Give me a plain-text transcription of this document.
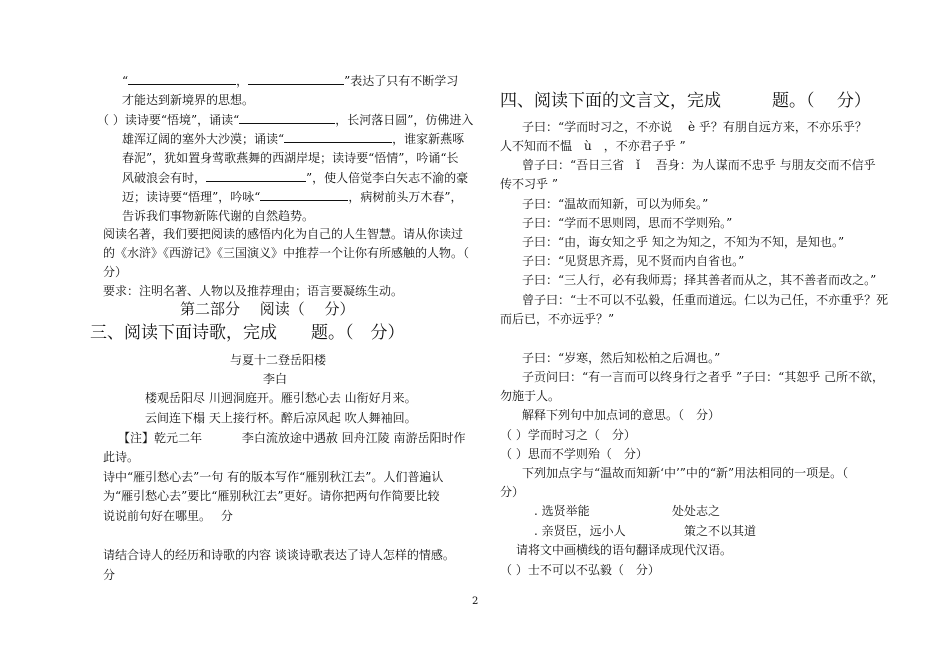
“	，	”表达了只有不断学习
才能达到新境界的思想。
（ ）读诗要“悟境”，诵读“	，长河落日圆”，仿佛进入
雄浑辽阔的塞外大沙漠；诵读“	，谁家新燕啄
春泥”，犹如置身莺歌燕舞的西湖岸堤；读诗要“悟情”，吟诵“长
风破浪会有时，	”，使人倍觉李白矢志不渝的豪
迈；读诗要“悟理”，吟咏“	，病树前头万木春”，
告诉我们事物新陈代谢的自然趋势。
阅读名著，我们要把阅读的感悟内化为自己的人生智慧。请从你读过
的《水浒》《西游记》《三国演义》中推荐一个让你有所感触的人物。（
分）
要求：注明名著、人物以及推荐理由；语言要凝练生动。
第二部分　 阅读（　 分）
三、阅读下面诗歌，完成　　题。（　分）
与夏十二登岳阳楼
李白
楼观岳阳尽 川迥洞庭开。雁引愁心去 山衔好月来。
云间连下榻 天上接行杯。醉后凉风起 吹人舞袖回。
【注】乾元二年　　　 李白流放途中遇赦 回舟江陵 南游岳阳时作
此诗。
诗中“雁引愁心去”一句 有的版本写作“雁别秋江去”。人们普遍认
为“雁引愁心去”要比“雁别秋江去”更好。请你把两句作简要比较
说说前句好在哪里。　 分
请结合诗人的经历和诗歌的内容 谈谈诗歌表达了诗人怎样的情感。
分
四、阅读下面的文言文，完成　　　题。（　 分）
子曰：“学而时习之，不亦说　 è 乎？有朋自远方来，不亦乐乎？
人不知而不愠　ù　，不亦君子乎 ”
曾子曰：“吾日三省　ǐ　 吾身：为人谋而不忠乎 与朋友交而不信乎
传不习乎 ”
子曰：“温故而知新，可以为师矣。”
子曰：“学而不思则罔，思而不学则殆。”
子曰：“由，诲女知之乎 知之为知之，不知为不知，是知也。”
子曰：“见贤思齐焉，见不贤而内自省也。”
子曰：“三人行，必有我师焉；择其善者而从之，其不善者而改之。”
曾子曰：“士不可以不弘毅，任重而道远。仁以为己任，不亦重乎？死
而后已，不亦远乎？”
子曰：“岁寒，然后知松柏之后凋也。”
子贡问曰：“有一言而可以终身行之者乎 ”子曰：“其恕乎 己所不欲，
勿施于人。
解释下列句中加点词的意思。（　分）
（ ）学而时习之（　分）
（ ）思而不学则殆（　分）
下列加点字与“温故而知新‘中’”中的“新”用法相同的一项是。（
分）
. 选贤举能	处处志之
. 亲贤臣，远小人	策之不以其道
请将文中画横线的语句翻译成现代汉语。
（ ）士不可以不弘毅（　分）
2
